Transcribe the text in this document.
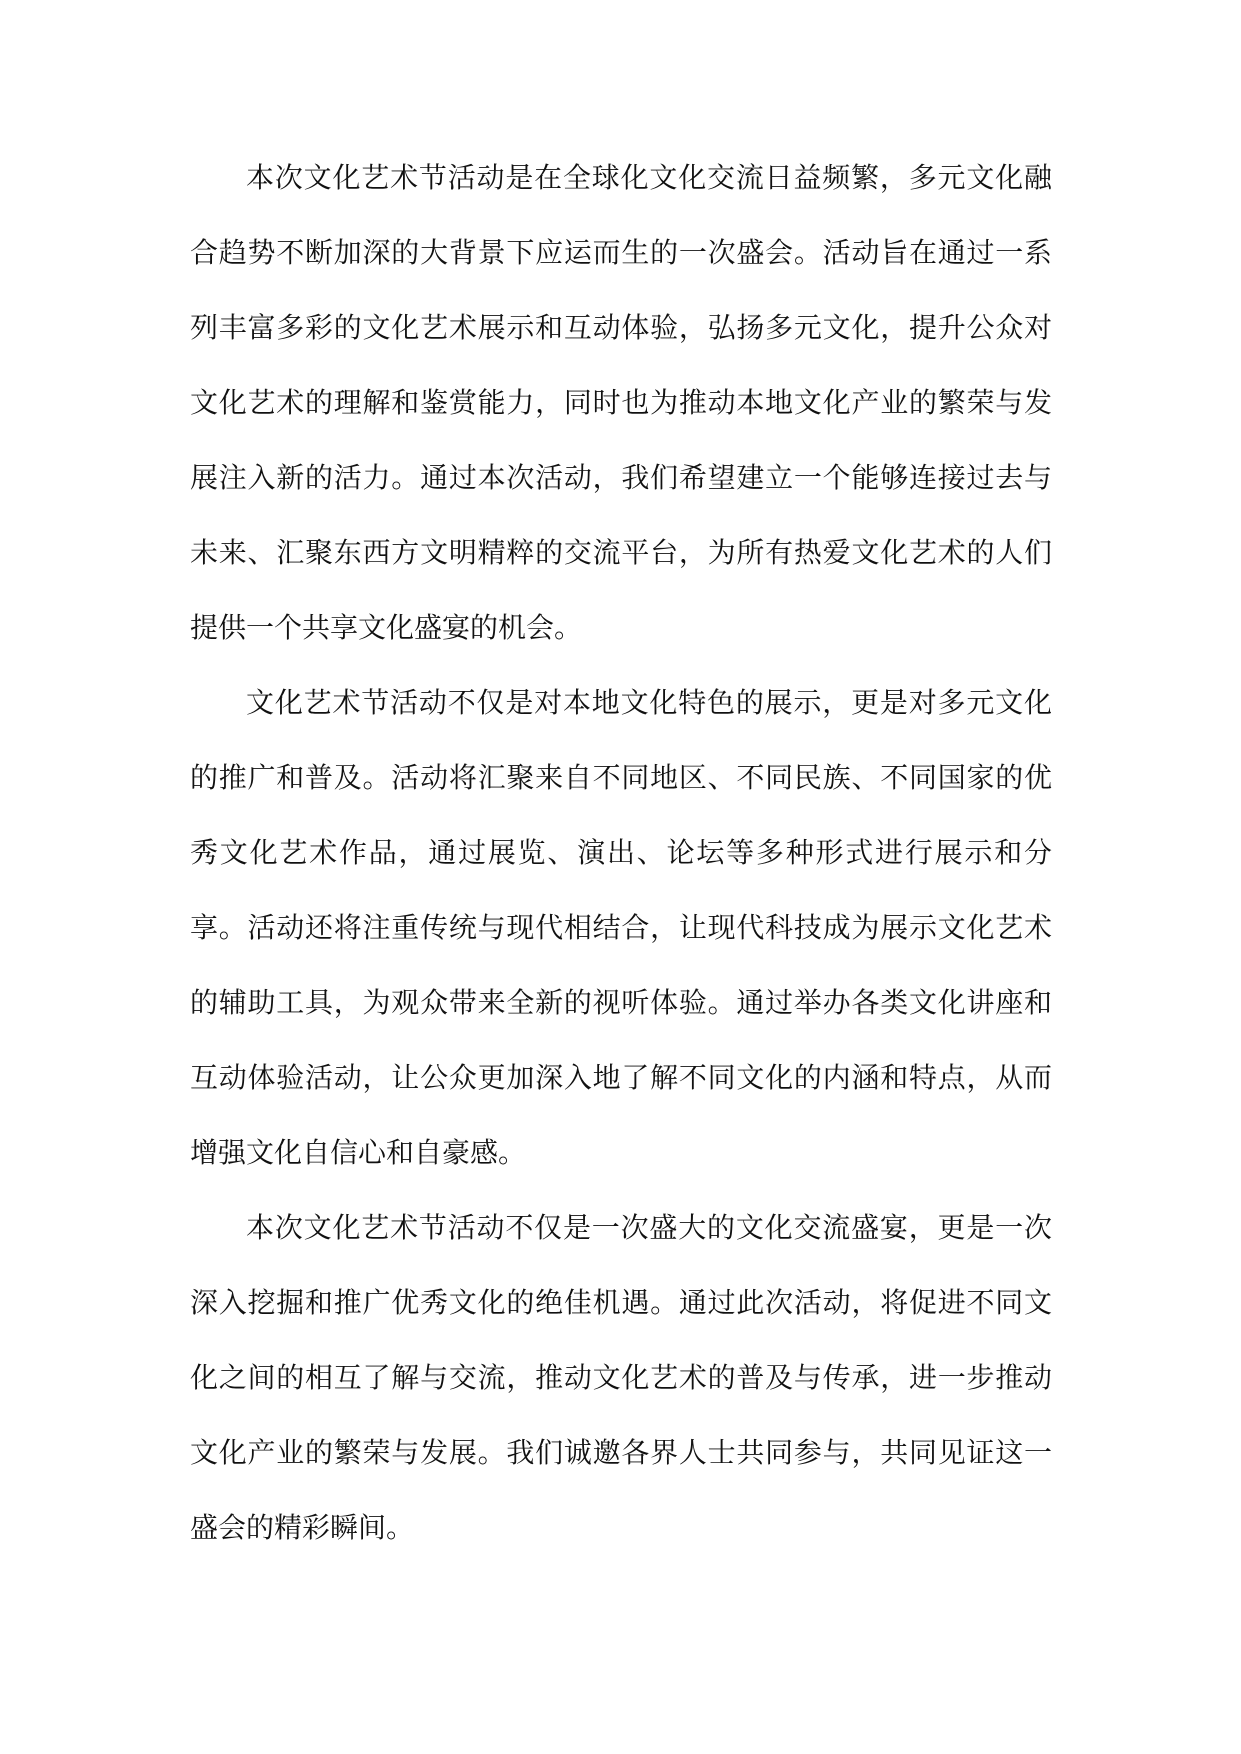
本次文化艺术节活动是在全球化文化交流日益频繁，多元文化融合趋势不断加深的大背景下应运而生的一次盛会。活动旨在通过一系列丰富多彩的文化艺术展示和互动体验，弘扬多元文化，提升公众对文化艺术的理解和鉴赏能力，同时也为推动本地文化产业的繁荣与发展注入新的活力。通过本次活动，我们希望建立一个能够连接过去与未来、汇聚东西方文明精粹的交流平台，为所有热爱文化艺术的人们提供一个共享文化盛宴的机会。

文化艺术节活动不仅是对本地文化特色的展示，更是对多元文化的推广和普及。活动将汇聚来自不同地区、不同民族、不同国家的优秀文化艺术作品，通过展览、演出、论坛等多种形式进行展示和分享。活动还将注重传统与现代相结合，让现代科技成为展示文化艺术的辅助工具，为观众带来全新的视听体验。通过举办各类文化讲座和互动体验活动，让公众更加深入地了解不同文化的内涵和特点，从而增强文化自信心和自豪感。

本次文化艺术节活动不仅是一次盛大的文化交流盛宴，更是一次深入挖掘和推广优秀文化的绝佳机遇。通过此次活动，将促进不同文化之间的相互了解与交流，推动文化艺术的普及与传承，进一步推动文化产业的繁荣与发展。我们诚邀各界人士共同参与，共同见证这一盛会的精彩瞬间。
